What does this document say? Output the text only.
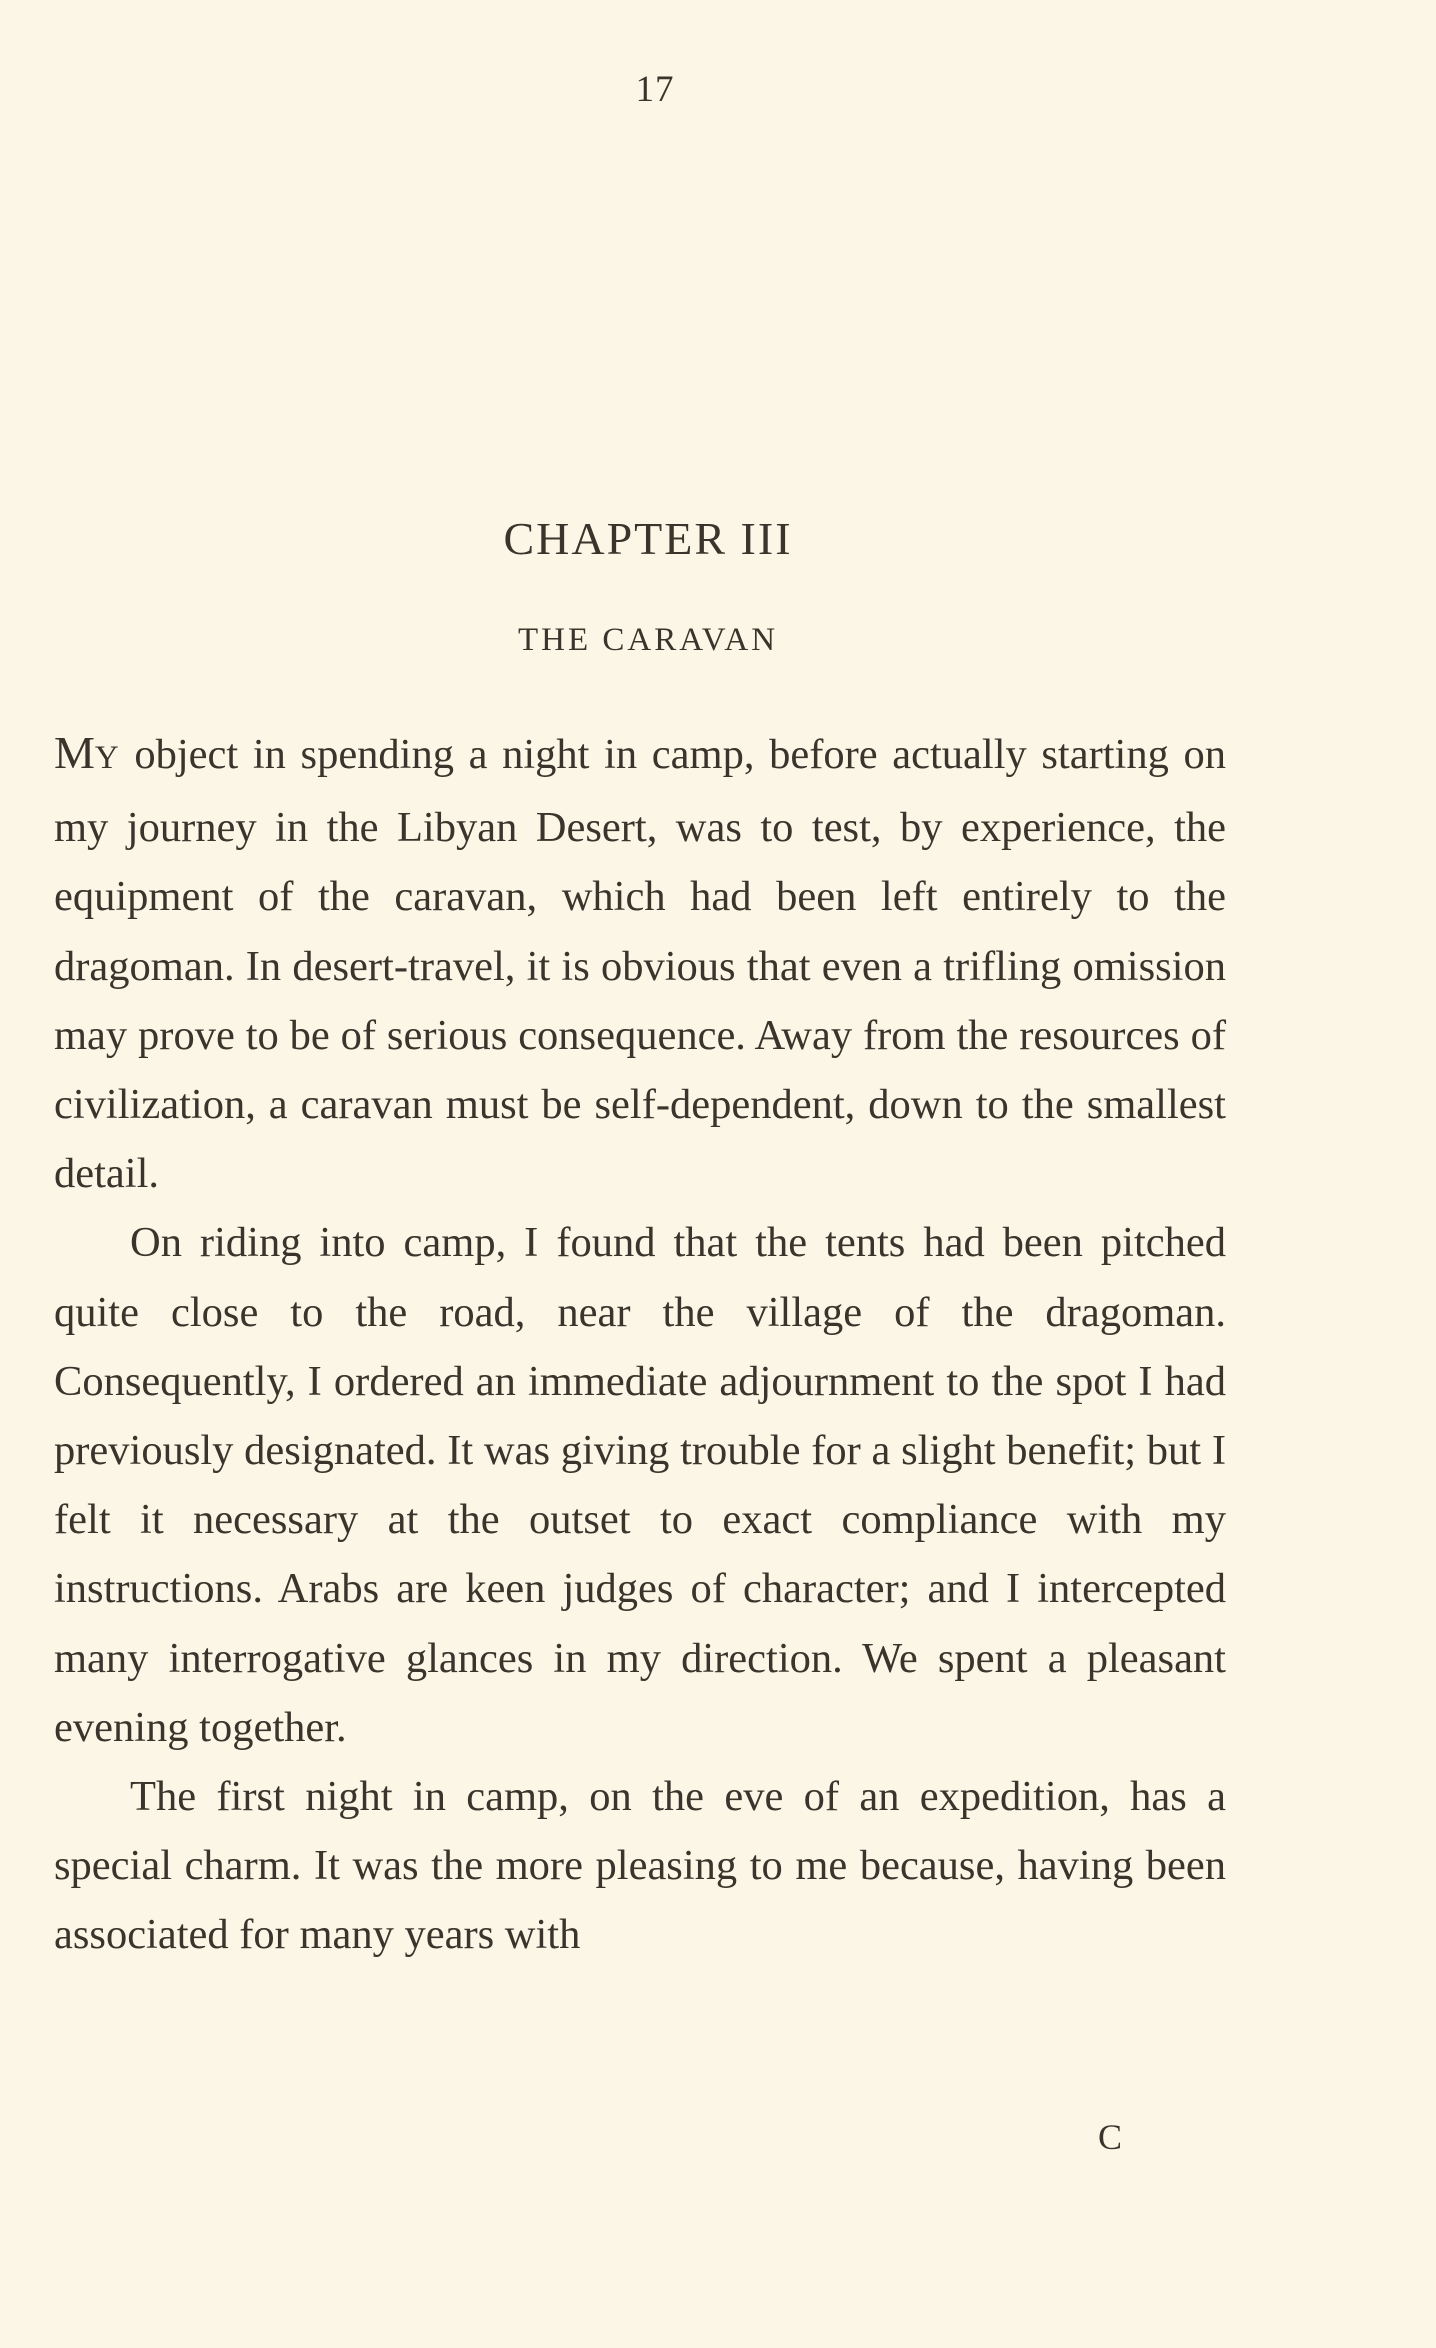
17
CHAPTER III
THE CARAVAN

MY object in spending a night in camp, before actually starting on my journey in the Libyan Desert, was to test, by experience, the equipment of the caravan, which had been left entirely to the dragoman. In desert-travel, it is obvious that even a trifling omission may prove to be of serious consequence. Away from the resources of civilization, a caravan must be self-dependent, down to the smallest detail.

On riding into camp, I found that the tents had been pitched quite close to the road, near the village of the dragoman. Consequently, I ordered an immediate adjournment to the spot I had previously designated. It was giving trouble for a slight benefit; but I felt it necessary at the outset to exact compliance with my instructions. Arabs are keen judges of character; and I intercepted many interrogative glances in my direction. We spent a pleasant evening together.

The first night in camp, on the eve of an expedition, has a special charm. It was the more pleasing to me because, having been associated for many years with

C
